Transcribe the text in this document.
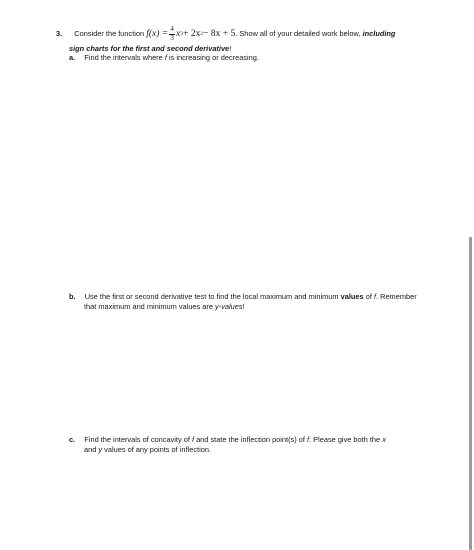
3. Consider the function $f(x) = \frac{4}{3}$ x 3 + 2x 2 − 8x + 5 . Show all of your detailed work below, including
sign charts for the first and second derivative!
a. Find the intervals where f is increasing or decreasing.
b. Use the first or second derivative test to find the local maximum and minimum values of f. Remember
that maximum and minimum values are y-values!
c. Find the intervals of concavity of f and state the inflection point(s) of f. Please give both the x
and y values of any points of inflection.
